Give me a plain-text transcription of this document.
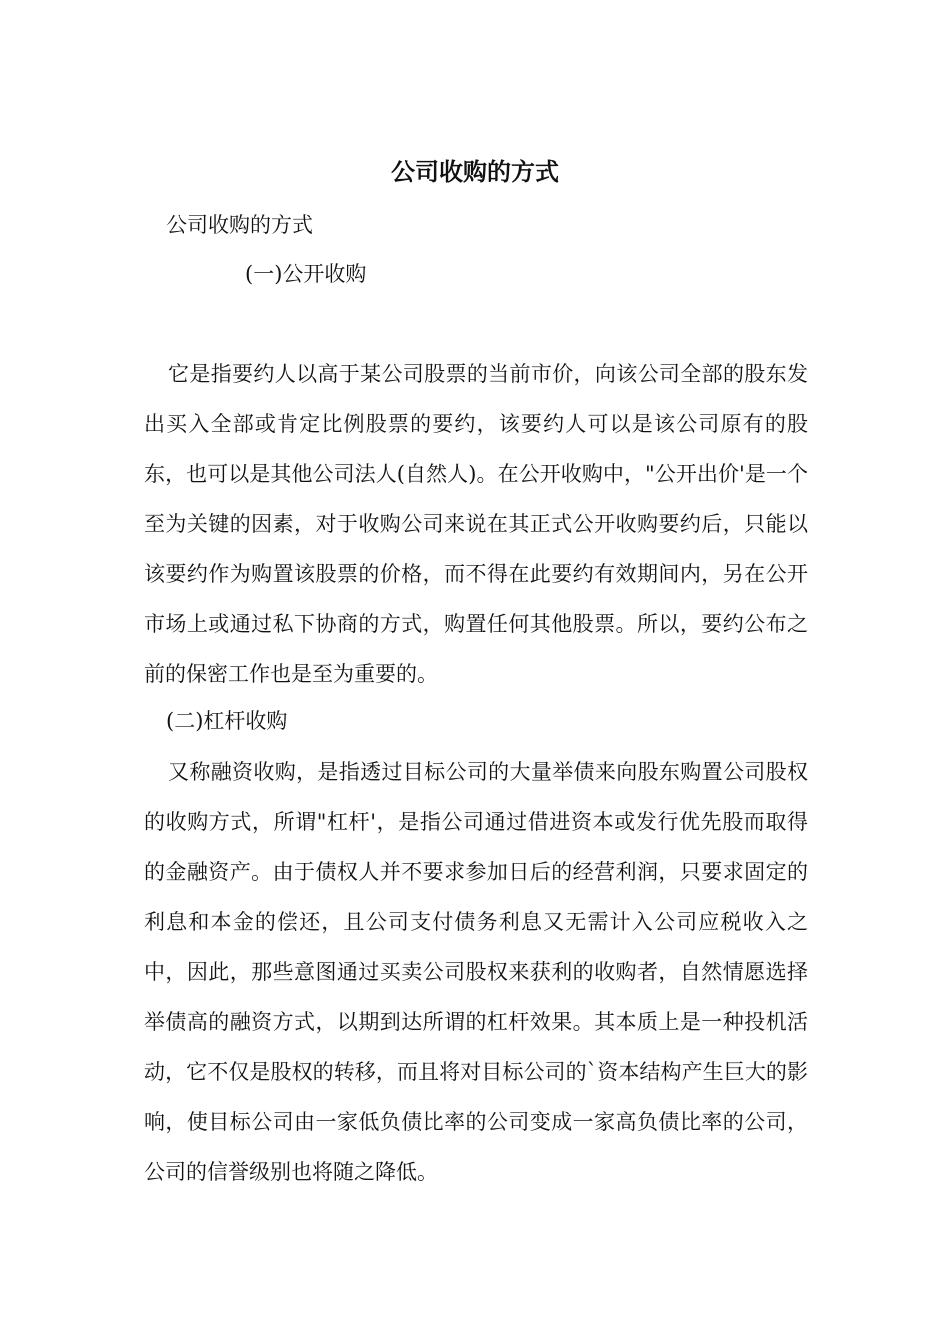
公司收购的方式
公司收购的方式
(一)公开收购
它是指要约人以高于某公司股票的当前市价，向该公司全部的股东发出买入全部或肯定比例股票的要约，该要约人可以是该公司原有的股东，也可以是其他公司法人(自然人)。在公开收购中，"公开出价'是一个至为关键的因素，对于收购公司来说在其正式公开收购要约后，只能以该要约作为购置该股票的价格，而不得在此要约有效期间内，另在公开市场上或通过私下协商的方式，购置任何其他股票。所以，要约公布之前的保密工作也是至为重要的。
(二)杠杆收购
又称融资收购，是指透过目标公司的大量举债来向股东购置公司股权的收购方式，所谓"杠杆'，是指公司通过借进资本或发行优先股而取得的金融资产。由于债权人并不要求参加日后的经营利润，只要求固定的利息和本金的偿还，且公司支付债务利息又无需计入公司应税收入之中，因此，那些意图通过买卖公司股权来获利的收购者，自然情愿选择举债高的融资方式，以期到达所谓的杠杆效果。其本质上是一种投机活动，它不仅是股权的转移，而且将对目标公司的`资本结构产生巨大的影响，使目标公司由一家低负债比率的公司变成一家高负债比率的公司，公司的信誉级别也将随之降低。
